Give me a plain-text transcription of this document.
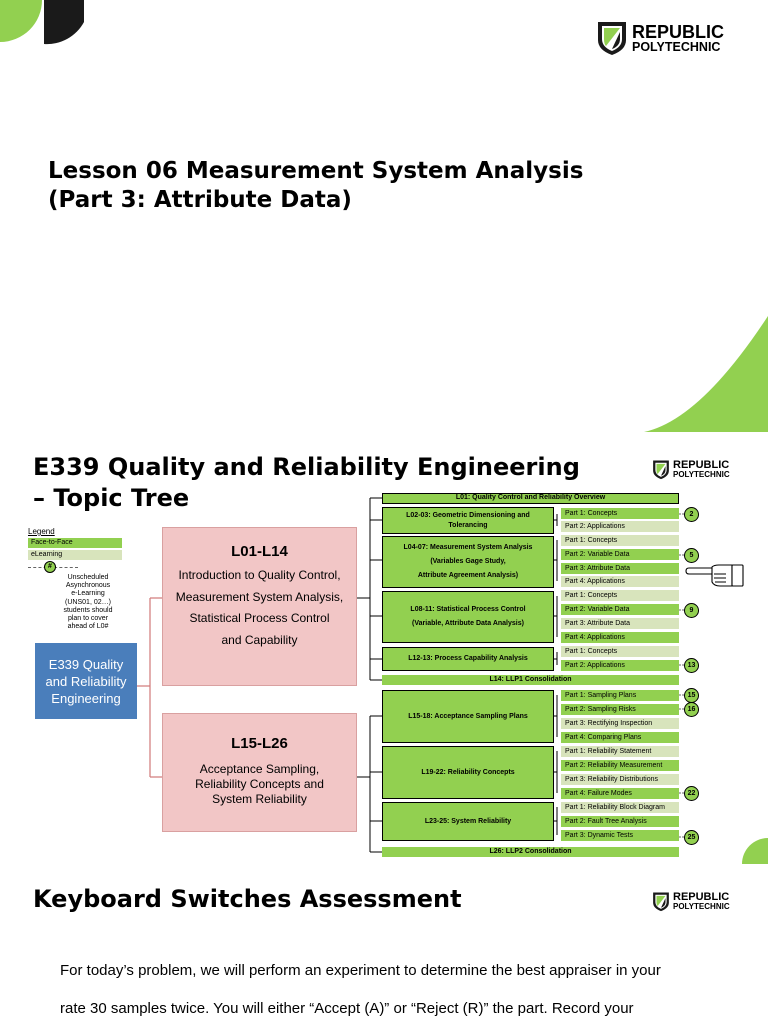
REPUBLIC
POLYTECHNIC
Lesson 06 Measurement System Analysis
(Part 3: Attribute Data)
E339 Quality and Reliability Engineering
– Topic Tree
REPUBLIC
POLYTECHNIC
Legend
Face-to-Face
eLearning
#
Unscheduled
Asynchronous
e-Learning
(UNS01, 02…)
students should
plan to cover
ahead of L0#
E339 Quality
and Reliability
Engineering
L01-L14
Introduction to Quality Control,
Measurement System Analysis,
Statistical Process Control
and Capability
L15-L26
Acceptance Sampling,
Reliability Concepts and
System Reliability
L01: Quality Control and Reliability Overview
L02-03: Geometric Dimensioning and
Tolerancing
L04-07: Measurement System Analysis
(Variables Gage Study,
Attribute Agreement Analysis)
L08-11: Statistical Process Control
(Variable, Attribute Data Analysis)
L12-13: Process Capability Analysis
L14: LLP1 Consolidation
L15-18: Acceptance Sampling Plans
L19-22: Reliability Concepts
L23-25: System Reliability
L26: LLP2 Consolidation
Part 1: Concepts
Part 2: Applications
Part 1: Concepts
Part 2: Variable Data
Part 3: Attribute Data
Part 4: Applications
Part 1: Concepts
Part 2: Variable Data
Part 3: Attribute Data
Part 4: Applications
Part 1: Concepts
Part 2: Applications
Part 1: Sampling Plans
Part 2: Sampling Risks
Part 3: Rectifying Inspection
Part 4: Comparing Plans
Part 1: Reliability Statement
Part 2: Reliability Measurement
Part 3: Reliability Distributions
Part 4: Failure Modes
Part 1: Reliability Block Diagram
Part 2: Fault Tree Analysis
Part 3: Dynamic Tests
2
5
9
13
15
16
22
25
Keyboard Switches Assessment	REPUBLIC
POLYTECHNIC

For today’s problem, we will perform an experiment to determine the best appraiser in your
rate 30 samples twice. You will either “Accept (A)” or “Reject (R)” the part. Record your
